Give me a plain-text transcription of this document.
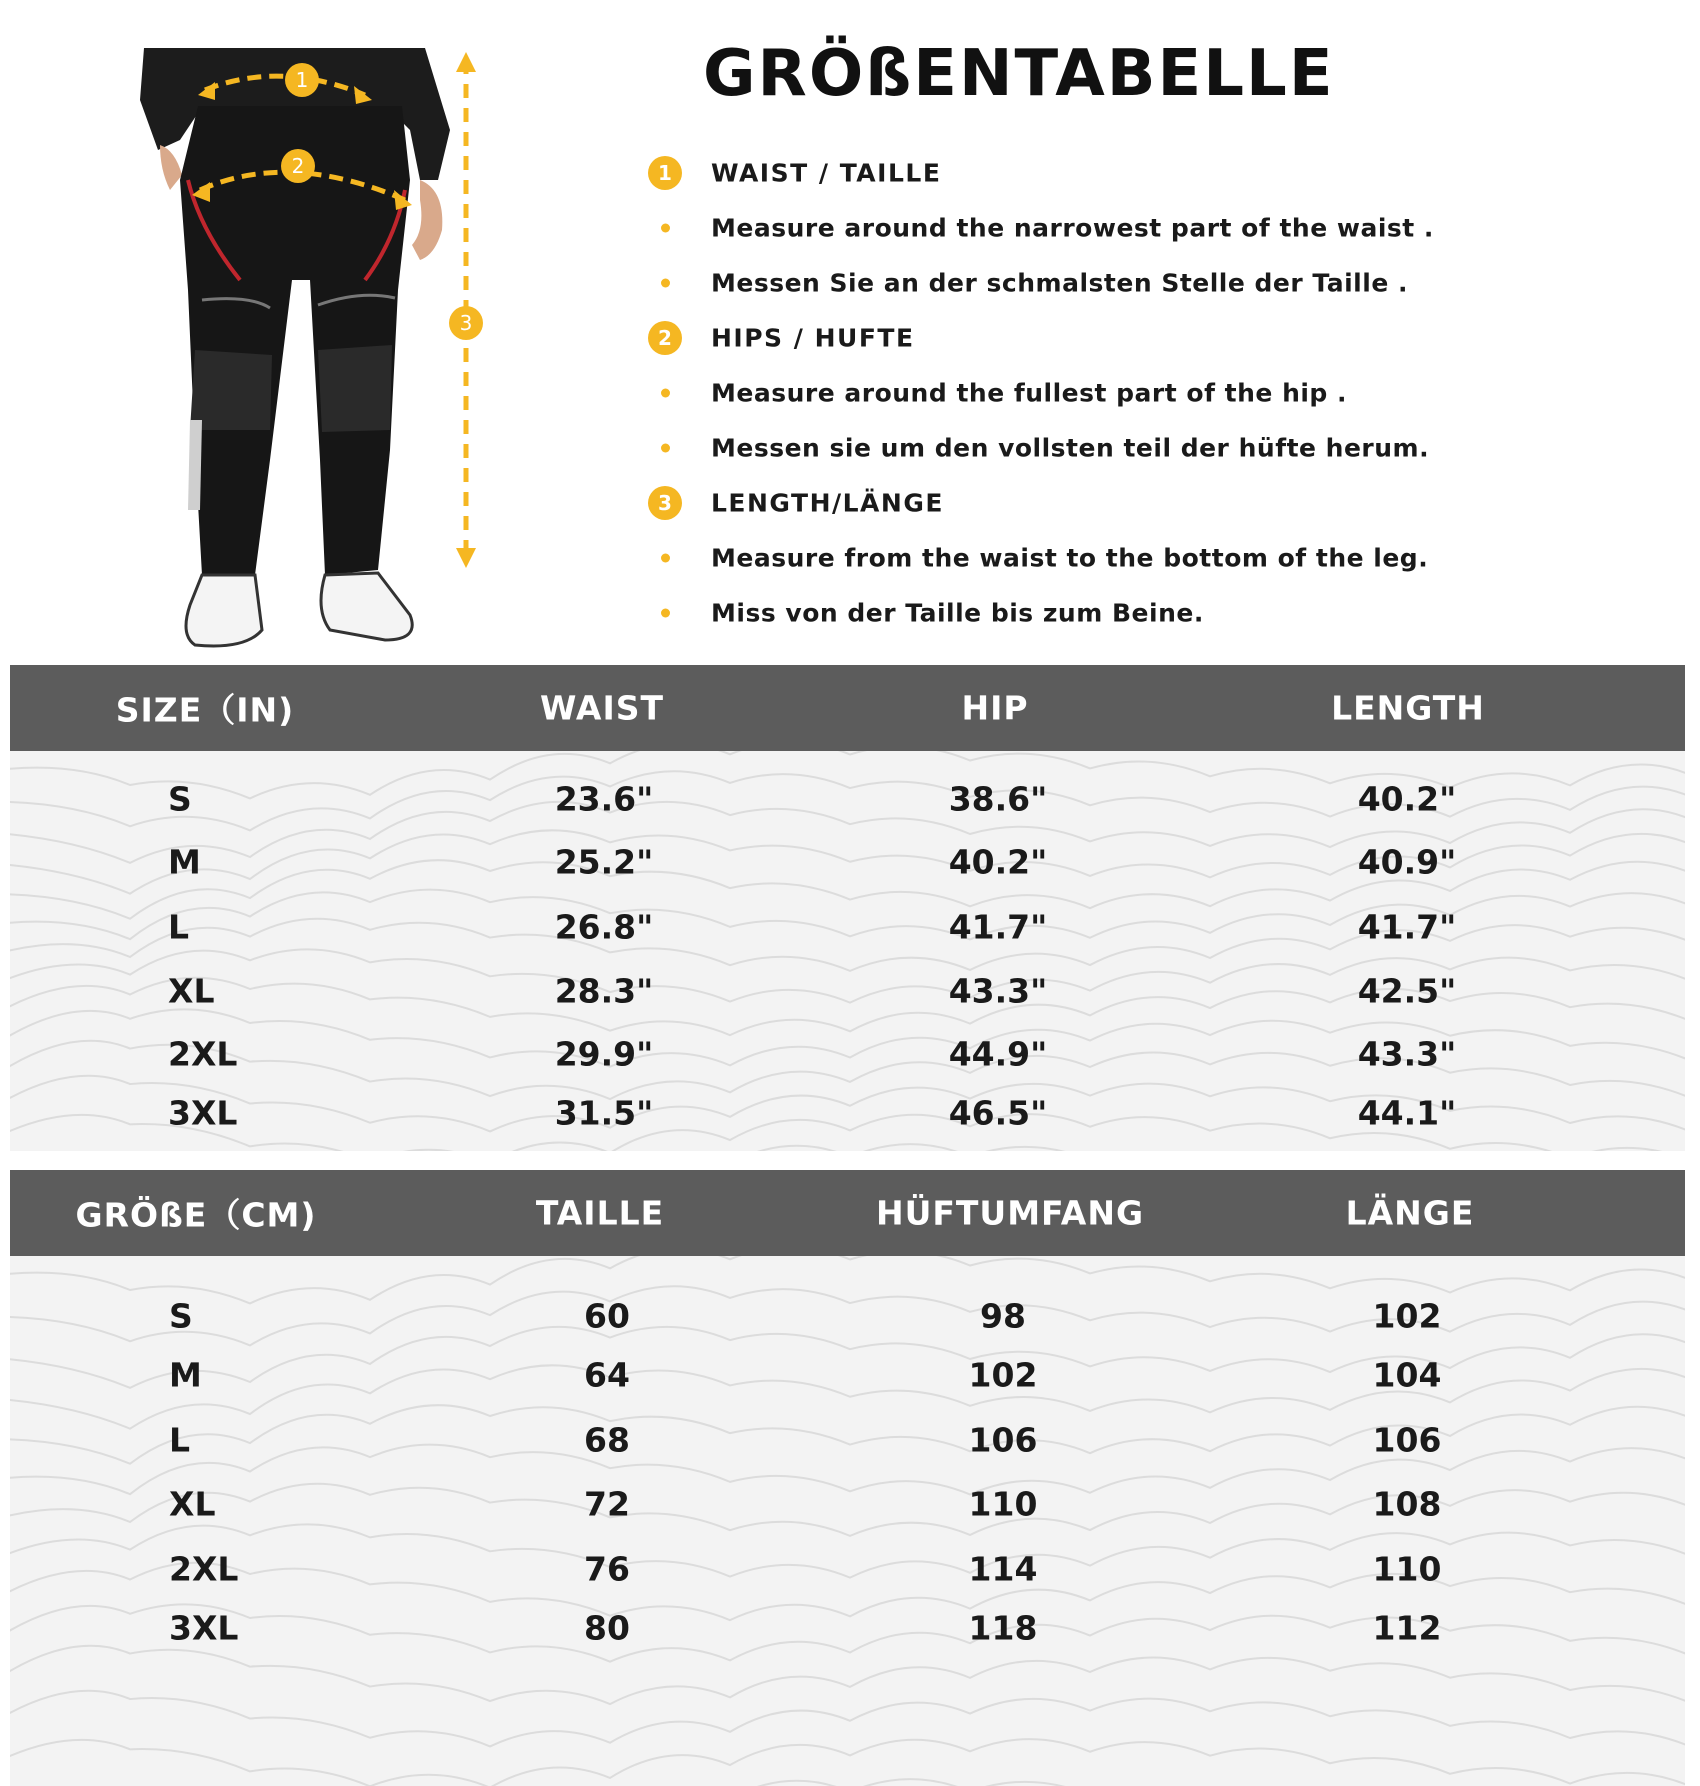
1
2
3
GRÖßENTABELLE
1	WAIST / TAILLE
Measure around the narrowest part of the waist .
Messen Sie an der schmalsten Stelle der Taille .
2	HIPS / HUFTE
Measure around the fullest part of the hip .
Messen sie um den vollsten teil der hüfte herum.
3	LENGTH/LÄNGE
Measure from the waist to the bottom of the leg.
Miss von der Taille bis zum Beine.
SIZE（IN)	WAIST	HIP	LENGTH
S	23.6"	38.6"	40.2"
M	25.2"	40.2"	40.9"
L	26.8"	41.7"	41.7"
XL	28.3"	43.3"	42.5"
2XL	29.9"	44.9"	43.3"
3XL	31.5"	46.5"	44.1"
GRÖßE（CM)	TAILLE	HÜFTUMFANG	LÄNGE
S	60	98	102
M	64	102	104
L	68	106	106
XL	72	110	108
2XL	76	114	110
3XL	80	118	112
